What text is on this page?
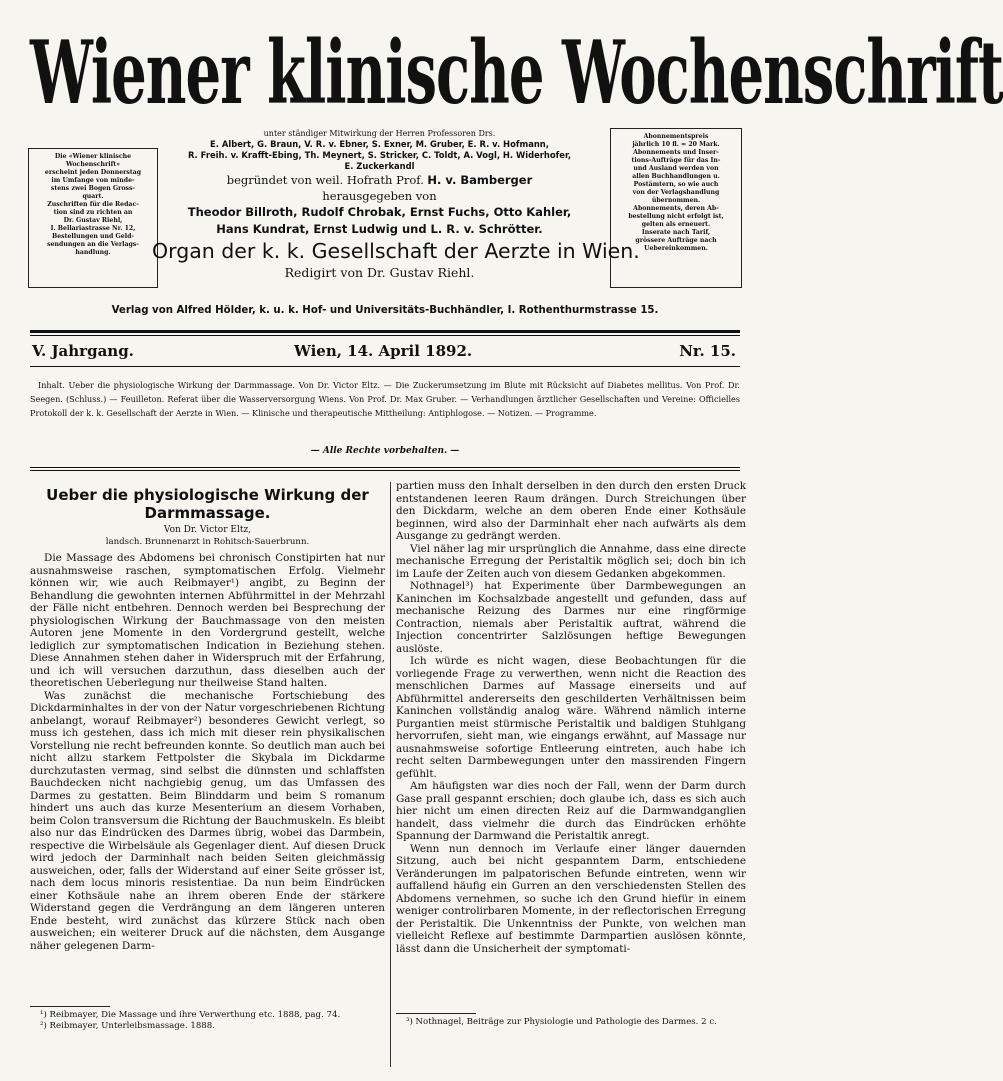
Wiener klinische Wochenschrift

Die «Wiener klinische

Wochenschrift»

erscheint jeden Donnerstag

im Umfange von minde-

stens zwei Bogen Gross-

quart.

Zuschriften für die Redac-

tion sind zu richten an

Dr. Gustav Riehl,

I. Bellariastrasse Nr. 12,

Bestellungen und Geld-

sendungen an die Verlags-

handlung.

Abonnementspreis

jährlich 10 fl. = 20 Mark.

Abonnements und Inser-

tions-Aufträge für das In-

und Ausland werden von

allen Buchhandlungen u.

Postämtern, so wie auch

von der Verlagshandlung

übernommen.

Abonnements, deren Ab-

bestellung nicht erfolgt ist,

gelten als erneuert.

Inserate nach Tarif,

grössere Aufträge nach

Uebereinkommen.

unter ständiger Mitwirkung der Herren Professoren Drs.

E. Albert, G. Braun, V. R. v. Ebner, S. Exner, M. Gruber, E. R. v. Hofmann,

R. Freih. v. Krafft-Ebing, Th. Meynert, S. Stricker, C. Toldt, A. Vogl, H. Widerhofer,

E. Zuckerkandl

begründet von weil. Hofrath Prof. H. v. Bamberger

herausgegeben von

Theodor Billroth, Rudolf Chrobak, Ernst Fuchs, Otto Kahler,

Hans Kundrat, Ernst Ludwig und L. R. v. Schrötter.

Organ der k. k. Gesellschaft der Aerzte in Wien.

Redigirt von Dr. Gustav Riehl.

Verlag von Alfred Hölder, k. u. k. Hof- und Universitäts-Buchhändler, I. Rothenthurmstrasse 15.
V. Jahrgang.	Wien, 14. April 1892.	Nr. 15.

Inhalt. Ueber die physiologische Wirkung der Darmmassage. Von Dr. Victor Eltz. — Die Zuckerumsetzung im Blute mit Rücksicht auf Diabetes mellitus. Von Prof. Dr. Seegen. (Schluss.) — Feuilleton. Referat über die Wasserversorgung Wiens. Von Prof. Dr. Max Gruber. — Verhandlungen ärztlicher Gesellschaften und Vereine: Officielles Protokoll der k. k. Gesellschaft der Aerzte in Wien. — Klinische und therapeutische Mittheilung: Antiphlogose. — Notizen. — Programme.

— Alle Rechte vorbehalten. —
Ueber die physiologische Wirkung der Darmmassage.
Von Dr. Victor Eltz,
landsch. Brunnenarzt in Rohitsch-Sauerbrunn.

Die Massage des Abdomens bei chronisch Constipirten hat nur ausnahmsweise raschen, symptomatischen Erfolg. Vielmehr können wir, wie auch Reibmayer¹) angibt, zu Beginn der Behandlung die gewohnten internen Abführmittel in der Mehrzahl der Fälle nicht entbehren. Dennoch werden bei Besprechung der physiologischen Wirkung der Bauchmassage von den meisten Autoren jene Momente in den Vordergrund gestellt, welche lediglich zur symptomatischen Indication in Beziehung stehen. Diese Annahmen stehen daher in Widerspruch mit der Erfahrung, und ich will versuchen darzuthun, dass dieselben auch der theoretischen Ueberlegung nur theilweise Stand halten.

Was zunächst die mechanische Fortschiebung des Dickdarminhaltes in der von der Natur vorgeschriebenen Richtung anbelangt, worauf Reibmayer²) besonderes Gewicht verlegt, so muss ich gestehen, dass ich mich mit dieser rein physikalischen Vorstellung nie recht befreunden konnte. So deutlich man auch bei nicht allzu starkem Fettpolster die Skybala im Dickdarme durchzutasten vermag, sind selbst die dünnsten und schlaffsten Bauchdecken nicht nachgiebig genug, um das Umfassen des Darmes zu gestatten. Beim Blinddarm und beim S romanum hindert uns auch das kurze Mesenterium an diesem Vorhaben, beim Colon transversum die Richtung der Bauchmuskeln. Es bleibt also nur das Eindrücken des Darmes übrig, wobei das Darmbein, respective die Wirbelsäule als Gegenlager dient. Auf diesen Druck wird jedoch der Darminhalt nach beiden Seiten gleichmässig ausweichen, oder, falls der Widerstand auf einer Seite grösser ist, nach dem locus minoris resistentiae. Da nun beim Eindrücken einer Kothsäule nahe an ihrem oberen Ende der stärkere Widerstand gegen die Verdrängung an dem längeren unteren Ende besteht, wird zunächst das kürzere Stück nach oben ausweichen; ein weiterer Druck auf die nächsten, dem Ausgange näher gelegenen Darm-

partien muss den Inhalt derselben in den durch den ersten Druck entstandenen leeren Raum drängen. Durch Streichungen über den Dickdarm, welche an dem oberen Ende einer Kothsäule beginnen, wird also der Darminhalt eher nach aufwärts als dem Ausgange zu gedrängt werden.

Viel näher lag mir ursprünglich die Annahme, dass eine directe mechanische Erregung der Peristaltik möglich sei; doch bin ich im Laufe der Zeiten auch von diesem Gedanken abgekommen.

Nothnagel³) hat Experimente über Darmbewegungen an Kaninchen im Kochsalzbade angestellt und gefunden, dass auf mechanische Reizung des Darmes nur eine ringförmige Contraction, niemals aber Peristaltik auftrat, während die Injection concentrirter Salzlösungen heftige Bewegungen auslöste.

Ich würde es nicht wagen, diese Beobachtungen für die vorliegende Frage zu verwerthen, wenn nicht die Reaction des menschlichen Darmes auf Massage einerseits und auf Abführmittel andererseits den geschilderten Verhältnissen beim Kaninchen vollständig analog wäre. Während nämlich interne Purgantien meist stürmische Peristaltik und baldigen Stuhlgang hervorrufen, sieht man, wie eingangs erwähnt, auf Massage nur ausnahmsweise sofortige Entleerung eintreten, auch habe ich recht selten Darmbewegungen unter den massirenden Fingern gefühlt.

Am häufigsten war dies noch der Fall, wenn der Darm durch Gase prall gespannt erschien; doch glaube ich, dass es sich auch hier nicht um einen directen Reiz auf die Darmwandganglien handelt, dass vielmehr die durch das Eindrücken erhöhte Spannung der Darmwand die Peristaltik anregt.

Wenn nun dennoch im Verlaufe einer länger dauernden Sitzung, auch bei nicht gespanntem Darm, entschiedene Veränderungen im palpatorischen Befunde eintreten, wenn wir auffallend häufig ein Gurren an den verschiedensten Stellen des Abdomens vernehmen, so suche ich den Grund hiefür in einem weniger controlirbaren Momente, in der reflectorischen Erregung der Peristaltik. Die Unkenntniss der Punkte, von welchen man vielleicht Reflexe auf bestimmte Darmpartien auslösen könnte, lässt dann die Unsicherheit der symptomati-

¹) Reibmayer, Die Massage und ihre Verwerthung etc. 1888, pag. 74.

²) Reibmayer, Unterleibsmassage. 1888.	³) Nothnagel, Beiträge zur Physiologie und Pathologie des Darmes. 2 c.
